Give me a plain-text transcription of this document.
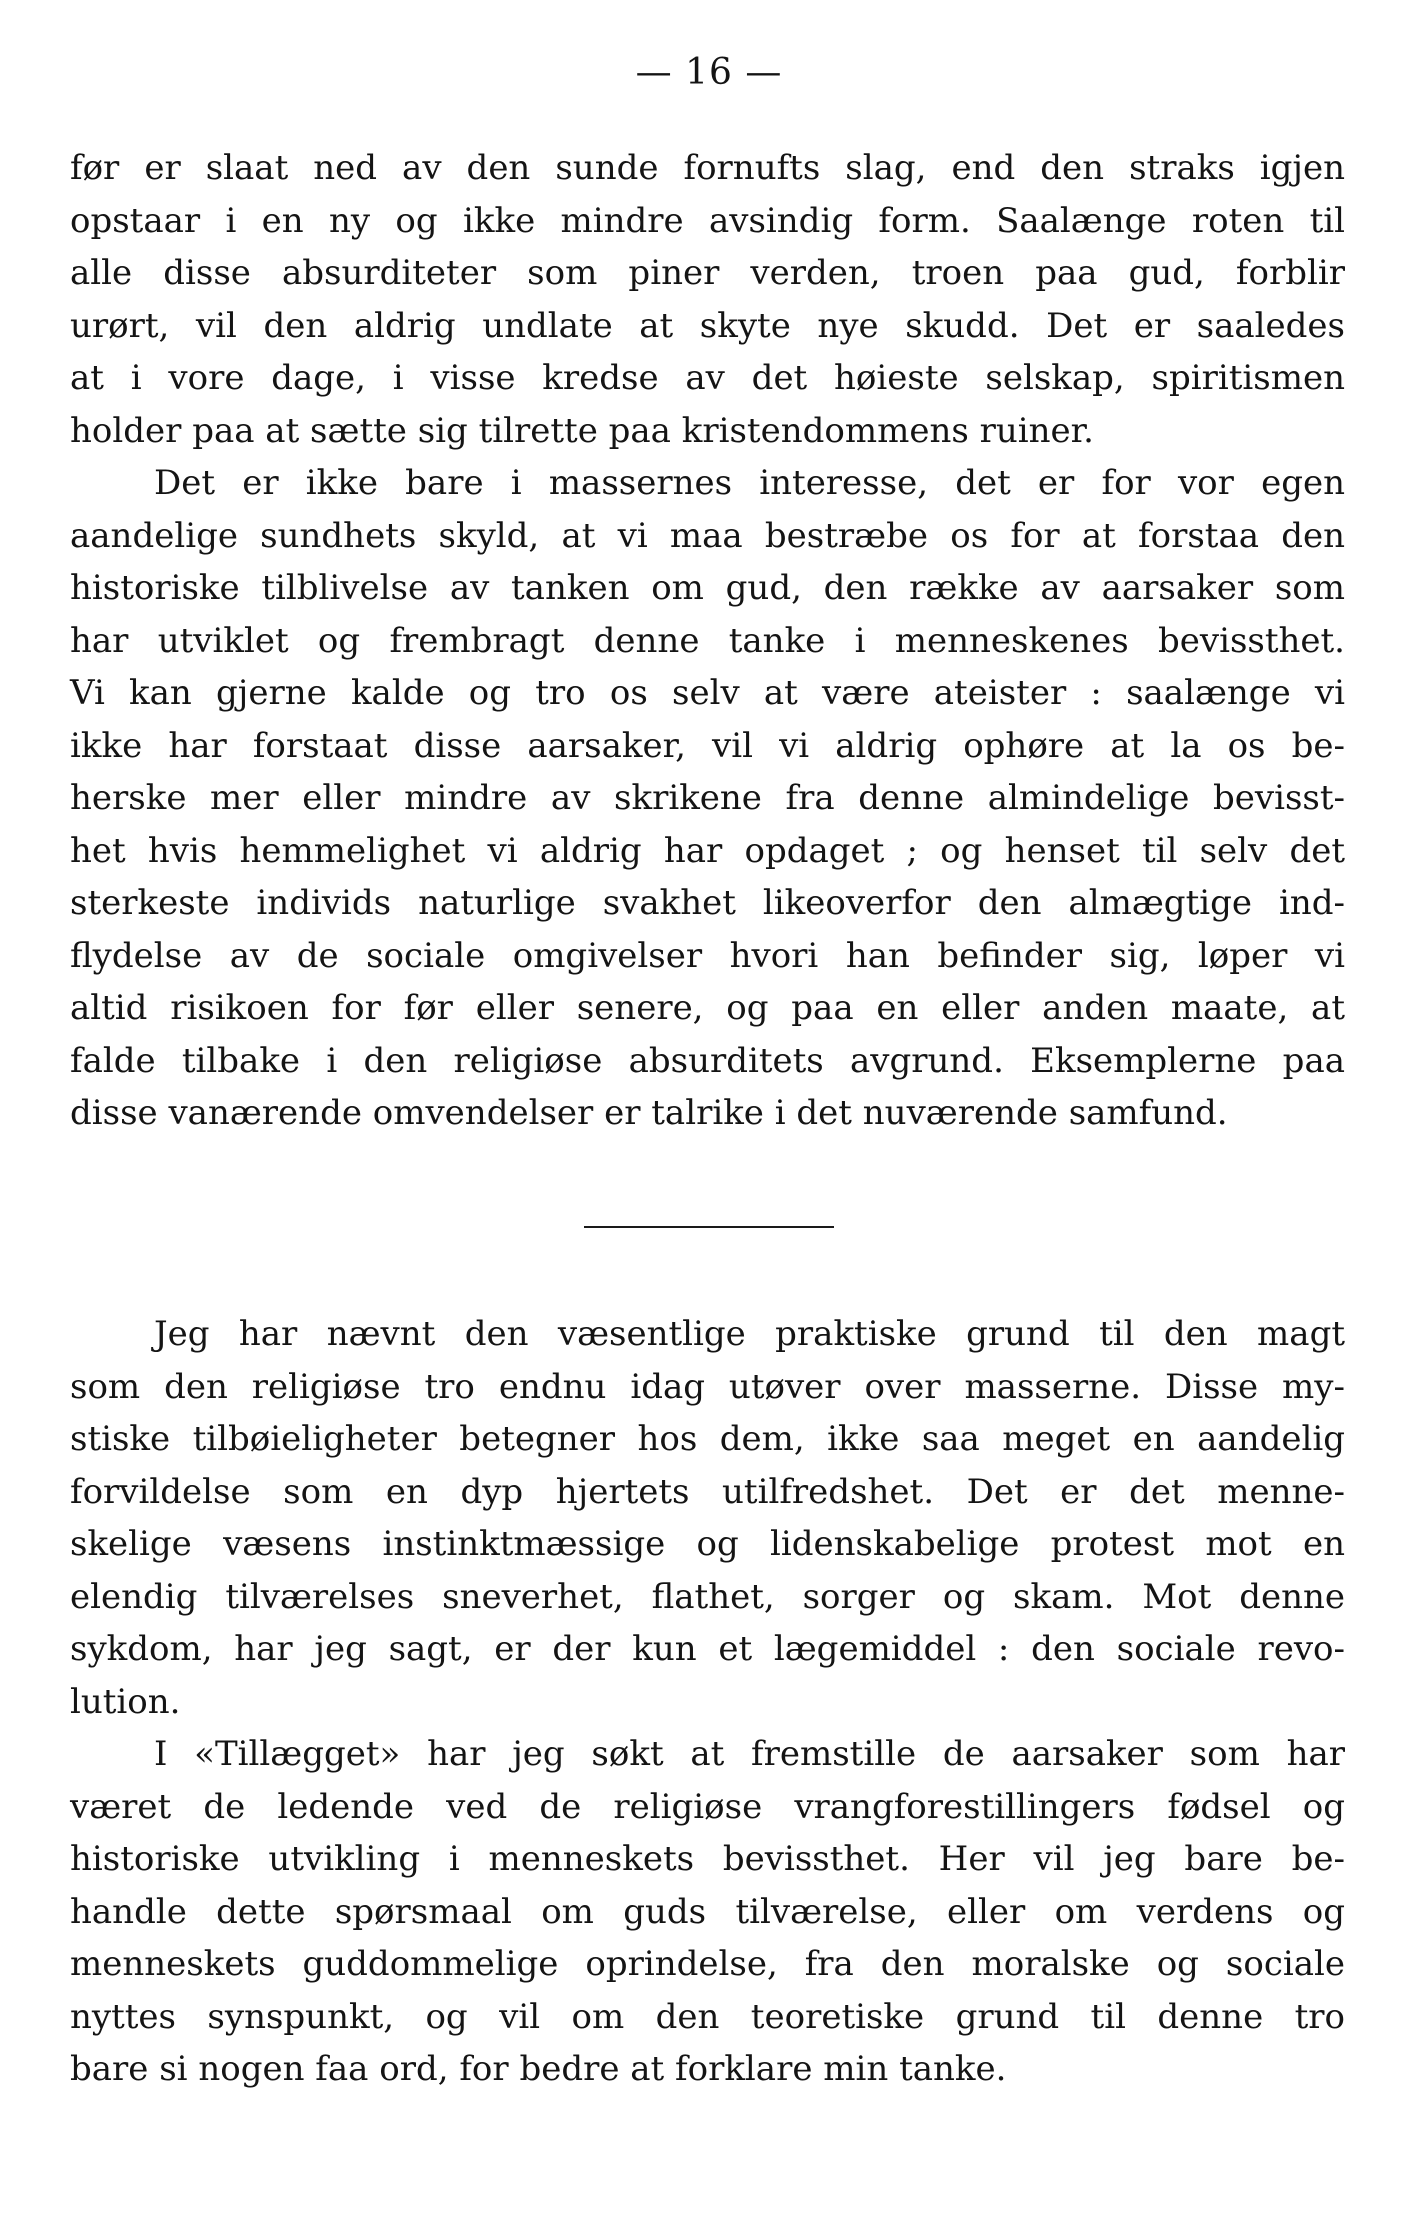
— 16 —
før er slaat ned av den sunde fornufts slag, end den straks igjen
opstaar i en ny og ikke mindre avsindig form. Saalænge roten til
alle disse absurditeter som piner verden, troen paa gud, forblir
urørt, vil den aldrig undlate at skyte nye skudd. Det er saaledes
at i vore dage, i visse kredse av det høieste selskap, spiritismen
holder paa at sætte sig tilrette paa kristendommens ruiner.
Det er ikke bare i massernes interesse, det er for vor egen
aandelige sundhets skyld, at vi maa bestræbe os for at forstaa den
historiske tilblivelse av tanken om gud, den række av aarsaker som
har utviklet og frembragt denne tanke i menneskenes bevissthet.
Vi kan gjerne kalde og tro os selv at være ateister : saalænge vi
ikke har forstaat disse aarsaker, vil vi aldrig ophøre at la os be-
herske mer eller mindre av skrikene fra denne almindelige bevisst-
het hvis hemmelighet vi aldrig har opdaget ; og henset til selv det
sterkeste individs naturlige svakhet likeoverfor den almægtige ind-
flydelse av de sociale omgivelser hvori han befinder sig, løper vi
altid risikoen for før eller senere, og paa en eller anden maate, at
falde tilbake i den religiøse absurditets avgrund. Eksemplerne paa
disse vanærende omvendelser er talrike i det nuværende samfund.
Jeg har nævnt den væsentlige praktiske grund til den magt
som den religiøse tro endnu idag utøver over masserne. Disse my-
stiske tilbøieligheter betegner hos dem, ikke saa meget en aandelig
forvildelse som en dyp hjertets utilfredshet. Det er det menne-
skelige væsens instinktmæssige og lidenskabelige protest mot en
elendig tilværelses sneverhet, flathet, sorger og skam. Mot denne
sykdom, har jeg sagt, er der kun et lægemiddel : den sociale revo-
lution.
I «Tillægget» har jeg søkt at fremstille de aarsaker som har
været de ledende ved de religiøse vrangforestillingers fødsel og
historiske utvikling i menneskets bevissthet. Her vil jeg bare be-
handle dette spørsmaal om guds tilværelse, eller om verdens og
menneskets guddommelige oprindelse, fra den moralske og sociale
nyttes synspunkt, og vil om den teoretiske grund til denne tro
bare si nogen faa ord, for bedre at forklare min tanke.
